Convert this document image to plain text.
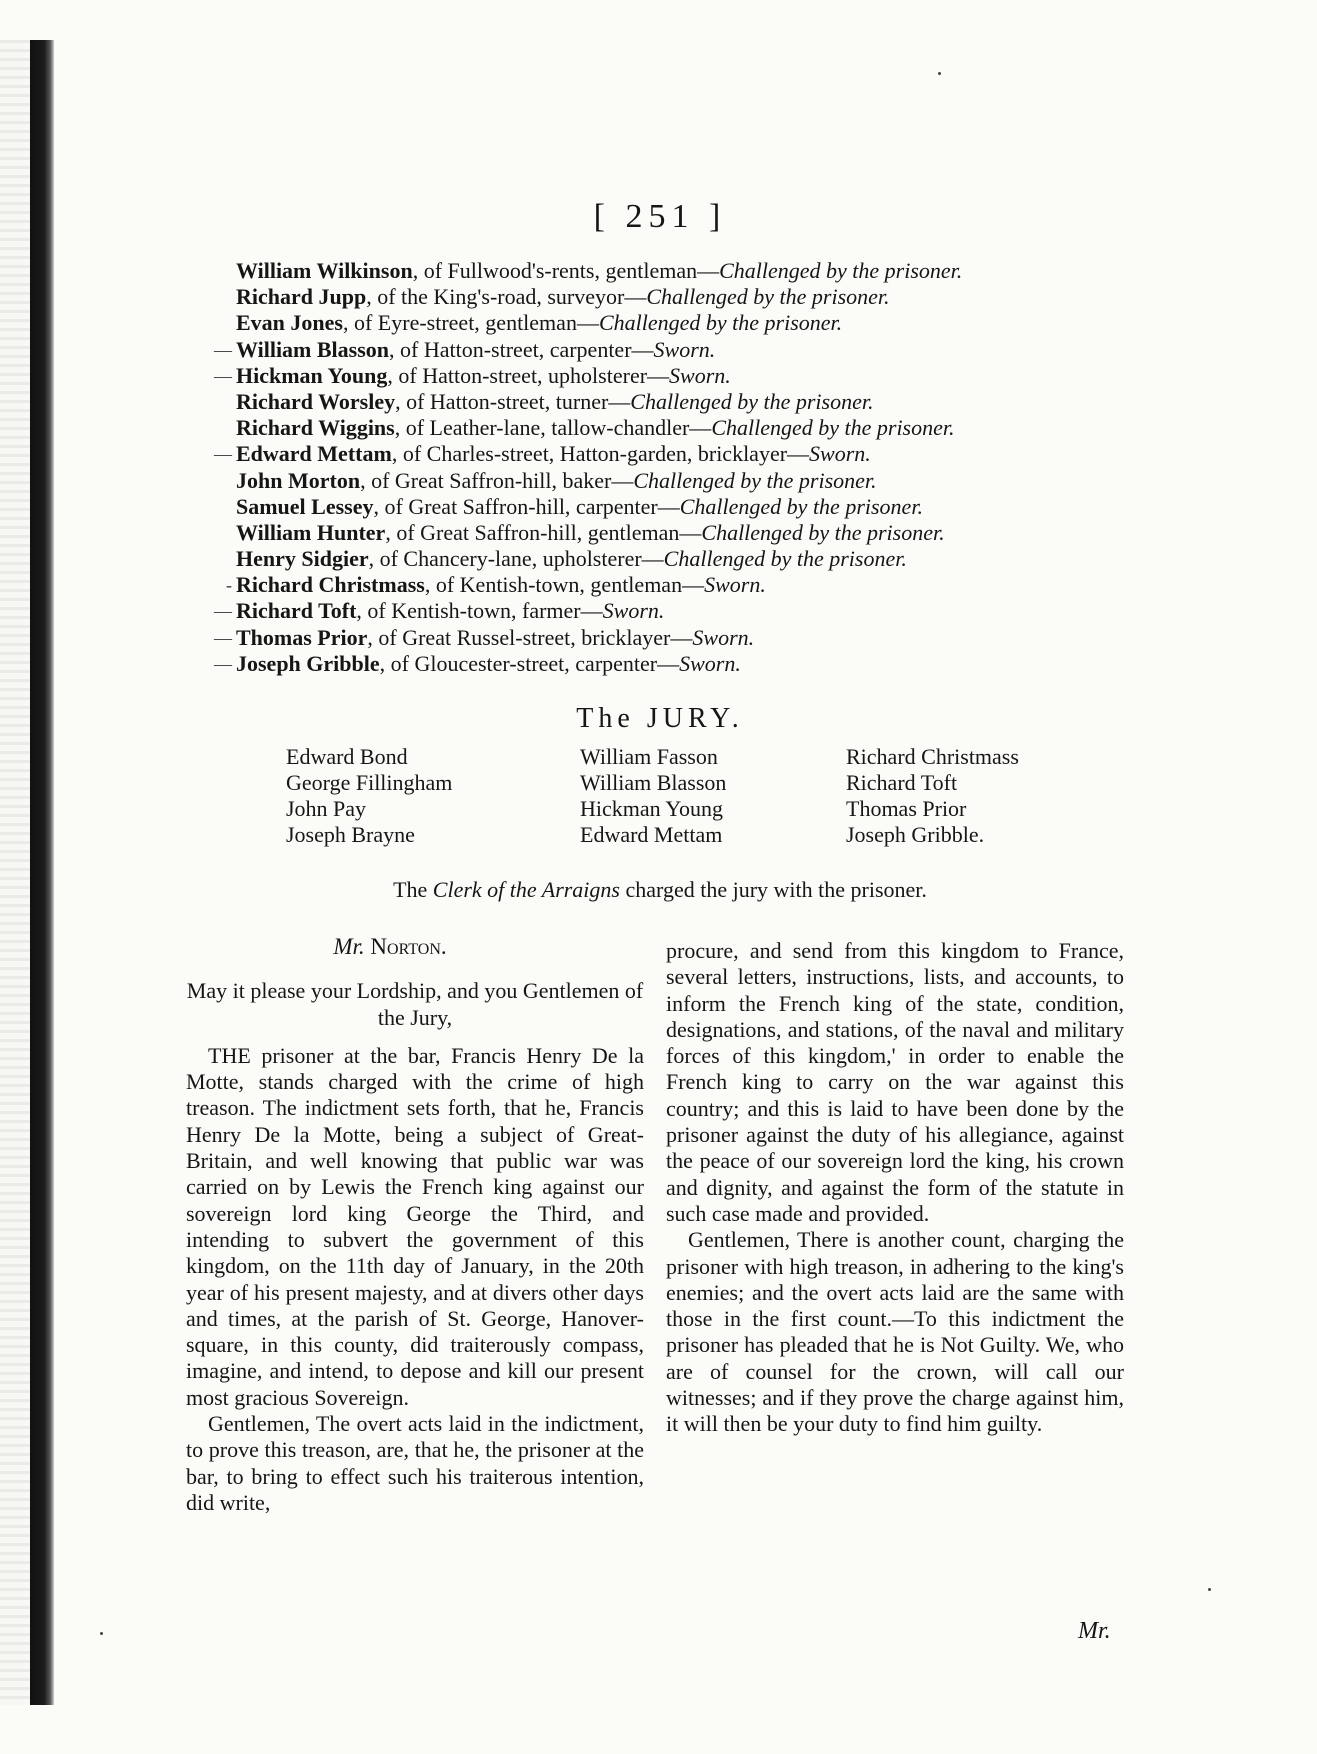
[ 251 ]
William Wilkinson, of Fullwood's-rents, gentleman—Challenged by the prisoner.
Richard Jupp, of the King's-road, surveyor—Challenged by the prisoner.
Evan Jones, of Eyre-street, gentleman—Challenged by the prisoner.
— William Blasson, of Hatton-street, carpenter—Sworn.
— Hickman Young, of Hatton-street, upholsterer—Sworn.
Richard Worsley, of Hatton-street, turner—Challenged by the prisoner.
Richard Wiggins, of Leather-lane, tallow-chandler—Challenged by the prisoner.
— Edward Mettam, of Charles-street, Hatton-garden, bricklayer—Sworn.
John Morton, of Great Saffron-hill, baker—Challenged by the prisoner.
Samuel Lessey, of Great Saffron-hill, carpenter—Challenged by the prisoner.
William Hunter, of Great Saffron-hill, gentleman—Challenged by the prisoner.
Henry Sidgier, of Chancery-lane, upholsterer—Challenged by the prisoner.
- Richard Christmass, of Kentish-town, gentleman—Sworn.
— Richard Toft, of Kentish-town, farmer—Sworn.
— Thomas Prior, of Great Russel-street, bricklayer—Sworn.
— Joseph Gribble, of Gloucester-street, carpenter—Sworn.
The JURY.
Edward Bond
George Fillingham
John Pay
Joseph Brayne
William Fasson
William Blasson
Hickman Young
Edward Mettam
Richard Christmass
Richard Toft
Thomas Prior
Joseph Gribble.
The Clerk of the Arraigns charged the jury with the prisoner.
Mr. Norton.
May it please your Lordship, and you Gentlemen of the Jury,

THE prisoner at the bar, Francis Henry De la Motte, stands charged with the crime of high treason. The indictment sets forth, that he, Francis Henry De la Motte, being a subject of Great-Britain, and well knowing that public war was carried on by Lewis the French king against our sovereign lord king George the Third, and intending to subvert the government of this kingdom, on the 11th day of January, in the 20th year of his present majesty, and at divers other days and times, at the parish of St. George, Hanover-square, in this county, did traiterously compass, imagine, and intend, to depose and kill our present most gracious Sovereign.

Gentlemen, The overt acts laid in the indictment, to prove this treason, are, that he, the prisoner at the bar, to bring to effect such his traiterous intention, did write,

procure, and send from this kingdom to France, several letters, instructions, lists, and accounts, to inform the French king of the state, condition, designations, and stations, of the naval and military forces of this kingdom,' in order to enable the French king to carry on the war against this country; and this is laid to have been done by the prisoner against the duty of his allegiance, against the peace of our sovereign lord the king, his crown and dignity, and against the form of the statute in such case made and provided.

Gentlemen, There is another count, charging the prisoner with high treason, in adhering to the king's enemies; and the overt acts laid are the same with those in the first count.—To this indictment the prisoner has pleaded that he is Not Guilty. We, who are of counsel for the crown, will call our witnesses; and if they prove the charge against him, it will then be your duty to find him guilty.

Mr.
